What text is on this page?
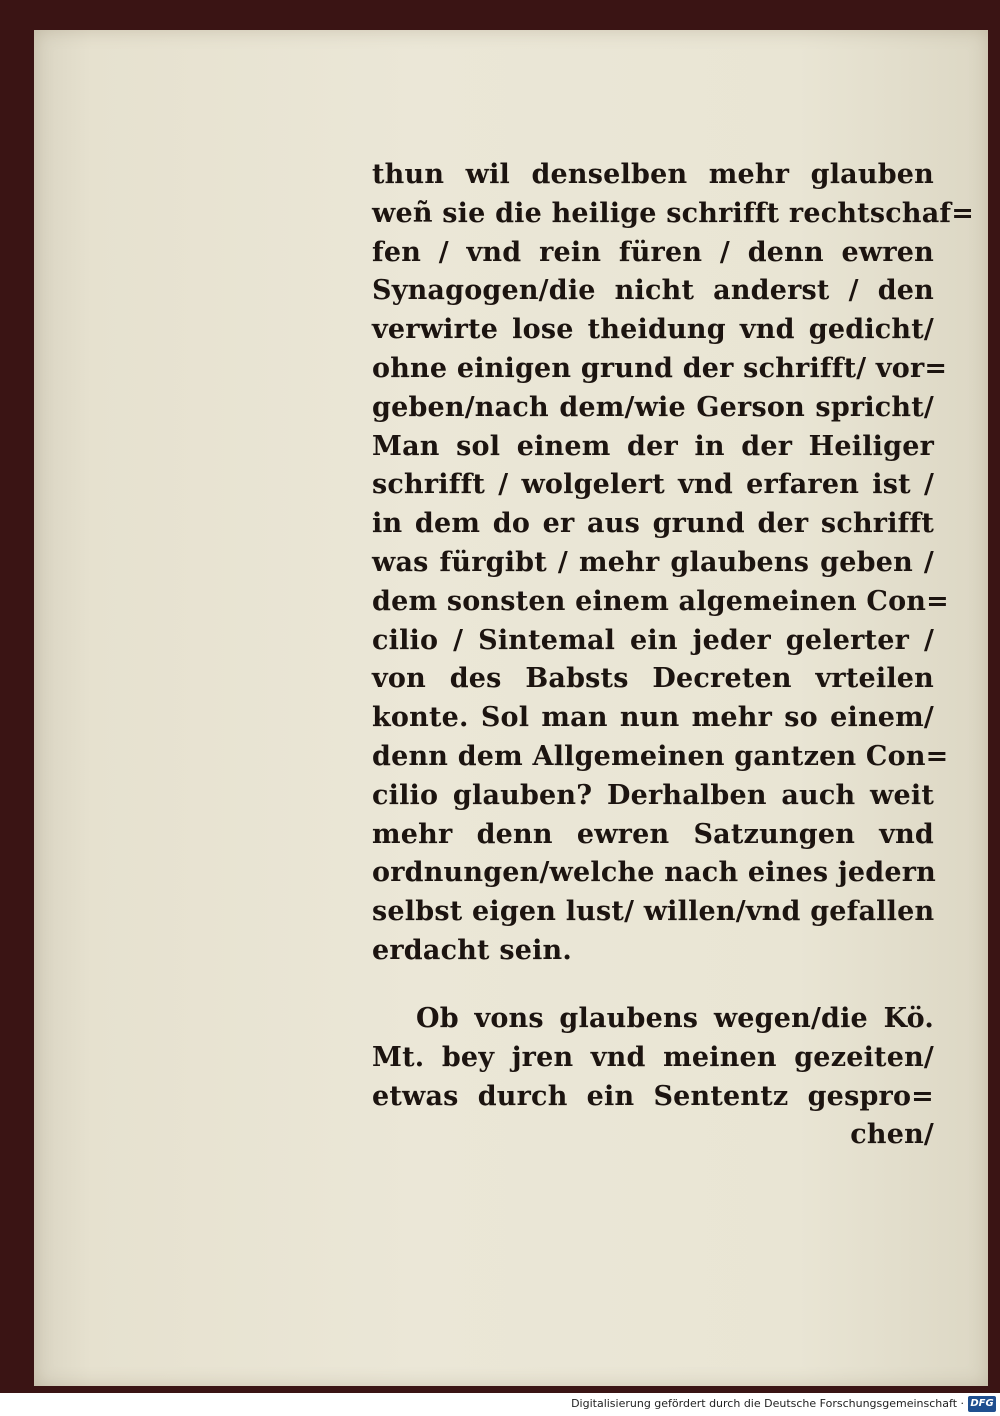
thun wil denselben mehr glauben
weñ sie die heilige schrifft rechtschaf=
fen / vnd rein füren / denn ewren
Synagogen/die nicht anderst / den
verwirte lose theidung vnd gedicht/
ohne einigen grund der schrifft/ vor=
geben/nach dem/wie Gerson spricht/
Man sol einem der in der Heiliger
schrifft / wolgelert vnd erfaren ist /
in dem do er aus grund der schrifft
was fürgibt / mehr glaubens geben /
dem sonsten einem algemeinen Con=
cilio / Sintemal ein jeder gelerter /
von des Babsts Decreten vrteilen
konte. Sol man nun mehr so einem/
denn dem Allgemeinen gantzen Con=
cilio glauben? Derhalben auch weit
mehr denn ewren Satzungen vnd
ordnungen/welche nach eines jedern
selbst eigen lust/ willen/vnd gefallen
erdacht sein.
Ob vons glaubens wegen/die Kö.
Mt. bey jren vnd meinen gezeiten/
etwas durch ein Sententz gespro=
chen/
Digitalisierung gefördert durch die Deutsche Forschungsgemeinschaft · DFG
